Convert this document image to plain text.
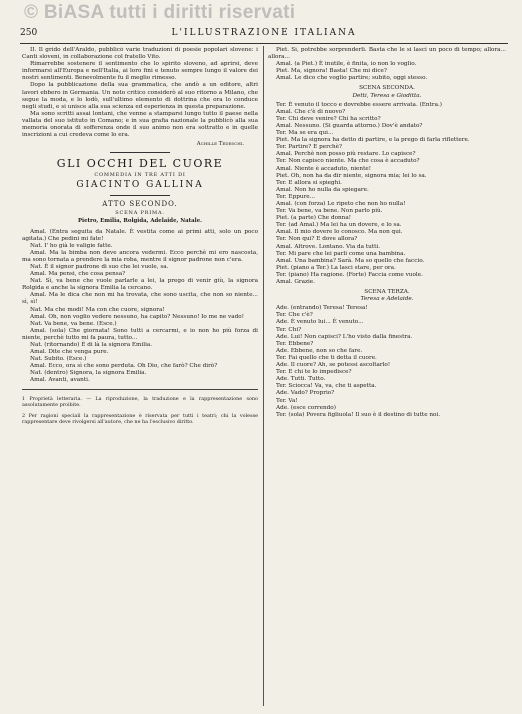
© BiASA tutti i diritti riservati
250	L'ILLUSTRAZIONE ITALIANA

II. Il grido dell'Araldo, pubblicò varie traduzioni di poesie popolari slovene: i Canti sloveni, in collaborazione col fratello Vito.

Rimarrebbe sostenere il sentimento che lo spirito sloveno, ad aprirsi, deve informarsi all'Europa e nell'Italia, ai loro fini e tenuto sempre lungo il valore dei nostri sentimenti. Benevolmente fu il meglio rimesso.

Dopo la pubblicazione della sua grammatica, che andò a un editore, altri lavori ebbero in Germania. Un noto critico considerò al suo ritorno a Milano, che segue la moda, e lo lodò, sull'ultimo elemento di dottrina che ora lo conduce negli studi, e si unisce alla sua scienza ed esperienza in questa preparazione.

Ma sono scritti assai lontani, che venne a stamparsi lungo tutto il paese nella vallata del suo istituto in Comano; e in sua grafia nazionale la pubblicò alla sua memoria onorata di sofferenza onde il suo animo non era sottratto e in quelle inscrizioni a cui credeva come lo era.

Achille Tedeschi.
GLI OCCHI DEL CUORE
COMMEDIA IN TRE ATTI DI
GIACINTO GALLINA
ATTO SECONDO.
SCENA PRIMA.
Pietro, Emilia, Rolgida, Adelaide, Natale.

Amal. (Entra seguita da Natale. È vestita come ai primi atti, solo un poco agitata.) Che pedini mi fate!

Nat. I' ho già le valigie fatte.

Amal. Ma la bimba non deve ancora vedermi. Ecco perchè mi ero nascosta, ma sono tornata a prendere la mia roba, mentre il signor padrone non c'era.

Nat. È il signor padrone di suo che lei vuole, sa.

Amal. Ma pensi, che cosa pensa?

Nat. Sì, va bene che vuole parlarle a lei, la prego di venir giù, la signora Rolgida e anche la signora Emilia la cercano.

Amal. Ma le dica che non mi ha trovata, che sono uscita, che non so niente... sì, sì!

Nat. Ma che modi! Ma con che cuore, signora!

Amal. Oh, non voglio vedere nessuno, ha capito? Nessuno! Io me ne vado!

Nat. Va bene, va bene. (Esce.)

Amal. (sola) Che giornata! Sono tutti a cercarmi, e io non ho più forza di niente, perchè tutto mi fa paura, tutto...

Nat. (ritornando) È di là la signora Emilia.

Amal. Dite che venga pure.

Nat. Subito. (Esce.)

Amal. Ecco, ora sì che sono perduta. Oh Dio, che farò? Che dirò?

Nat. (dentro) Signora, la signora Emilia.

Amal. Avanti, avanti.

1 Proprietà letteraria. — La riproduzione, la traduzione e la rappresentazione sono assolutamente proibite.

2 Per ragioni speciali la rappresentazione è riservata per tutti i teatri; chi la volesse rappresentare deve rivolgersi all'autore, che ne ha l'esclusivo diritto.

Piet. Sì, potrebbe sorprenderli. Basta che le si lasci un poco di tempo; allora... allora...

Amal. (a Piet.) È inutile, è finita, io non lo voglio.

Piet. Ma, signora! Basta! Che mi dice?

Amal. Le dico che voglio partire; subito, oggi stesso.

SCENA SECONDA.
Detti, Teresa e Gioditta.

Ter. È venuto il tocco e dovrebbe essere arrivata. (Entra.)

Amal. Che c'è di nuovo?

Ter. Chi deve venire? Chi ha scritto?

Amal. Nessuno. (Si guarda attorno.) Dov'è andato?

Ter. Ma se era qui...

Piet. Ma la signora ha detto di partire, e la prego di farla riflettere.

Ter. Partire? E perchè?

Amal. Perchè non posso più restare. Lo capisce?

Ter. Non capisco niente. Ma che cosa è accaduto?

Amal. Niente è accaduto, niente!

Piet. Oh, non ha da dir niente, signora mia; lei lo sa.

Ter. E allora si spieghi.

Amal. Non ho nulla da spiegare.

Ter. Eppure...

Amal. (con forza) Le ripeto che non ho nulla!

Ter. Va bene, va bene. Non parlo più.

Piet. (a parte) Che donna!

Ter. (ad Amal.) Ma lei ha un dovere, e lo sa.

Amal. Il mio dovere lo conosco. Ma non qui.

Ter. Non qui? E dove allora?

Amal. Altrove. Lontano. Via da tutti.

Ter. Mi pare che lei parli come una bambina.

Amal. Una bambina? Sarà. Ma so quello che faccio.

Piet. (piano a Ter.) La lasci stare, per ora.

Ter. (piano) Ha ragione. (Forte) Faccia come vuole.

Amal. Grazie.

SCENA TERZA.
Teresa e Adelaide.

Ade. (entrando) Teresa! Teresa!

Ter. Che c'è?

Ade. È venuto lui... È venuto...

Ter. Chi?

Ade. Lui! Non capisci? L'ho visto dalla finestra.

Ter. Ebbene?

Ade. Ebbene, non so che fare.

Ter. Fai quello che ti detta il cuore.

Ade. Il cuore? Ah, se potessi ascoltarlo!

Ter. E chi te lo impedisce?

Ade. Tutti. Tutto.

Ter. Sciocca! Va, va, che ti aspetta.

Ade. Vado? Proprio?

Ter. Va!

Ade. (esce correndo)

Ter. (sola) Povera figliuola! Il suo è il destino di tutte noi.
